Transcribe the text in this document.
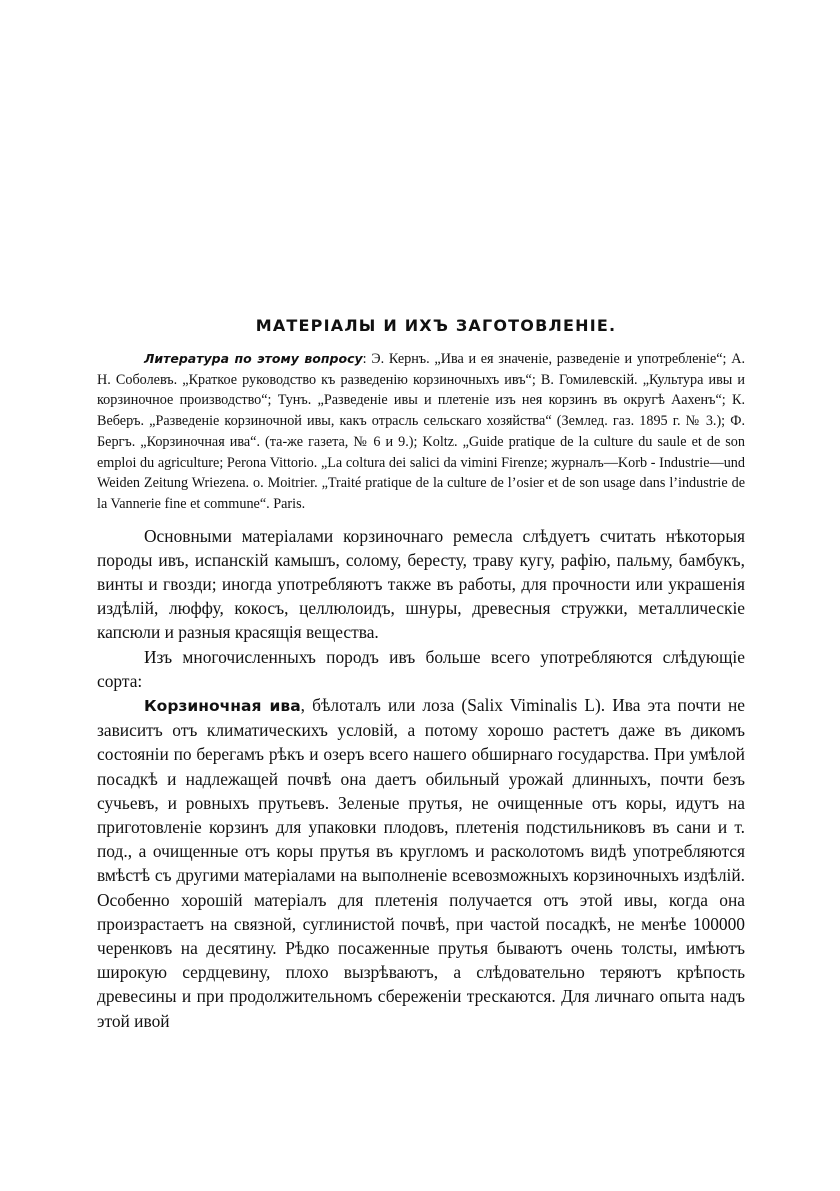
МАТЕРІАЛЫ И ИХЪ ЗАГОТОВЛЕНІЕ.

Литература по этому вопросу: Э. Кернъ. „Ива и ея значеніе, разведеніе и употребленіе“; А. Н. Соболевъ. „Краткое руководство къ разведенію корзиночныхъ ивъ“; В. Гомилевскій. „Культура ивы и корзиночное производство“; Тунъ. „Разведеніе ивы и плетеніе изъ нея корзинъ въ округѣ Аахенъ“; К. Веберъ. „Разведеніе корзиночной ивы, какъ отрасль сельскаго хозяйства“ (Землед. газ. 1895 г. № 3.); Ф. Бергъ. „Корзиночная ива“. (та-же газета, № 6 и 9.); Koltz. „Guide pratique de la culture du saule et de son emploi du agriculture; Perona Vittorio. „La coltura dei salici da vimini Firenze; журналъ—Korb - Industrie—und Weiden Zeitung Wriezena. o. Moitrier. „Traité pratique de la culture de l’osier et de son usage dans l’industrie de la Vannerie fine et commune“. Paris.

Основными матеріалами корзиночнаго ремесла слѣдуетъ считать нѣкоторыя породы ивъ, испанскій камышъ, солому, бересту, траву кугу, рафію, пальму, бамбукъ, винты и гвозди; иногда употребляютъ также въ работы, для прочности или украшенія издѣлій, люффу, кокосъ, целлюлоидъ, шнуры, древесныя стружки, металлическіе капсюли и разныя красящія вещества.

Изъ многочисленныхъ породъ ивъ больше всего употребляются слѣдующіе сорта:

Корзиночная ива, бѣлоталъ или лоза (Salix Viminalis L). Ива эта почти не зависитъ отъ климатическихъ условій, а потому хорошо растетъ даже въ дикомъ состояніи по берегамъ рѣкъ и озеръ всего нашего обширнаго государства. При умѣлой посадкѣ и надлежащей почвѣ она даетъ обильный урожай длинныхъ, почти безъ сучьевъ, и ровныхъ прутьевъ. Зеленые прутья, не очищенные отъ коры, идутъ на приготовленіе корзинъ для упаковки плодовъ, плетенія подстильниковъ въ сани и т. под., а очищенные отъ коры прутья въ кругломъ и расколотомъ видѣ употребляются вмѣстѣ съ другими матеріалами на выполненіе всевозможныхъ корзиночныхъ издѣлій. Особенно хорошій матеріалъ для плетенія получается отъ этой ивы, когда она произрастаетъ на связной, суглинистой почвѣ, при частой посадкѣ, не менѣе 100000 черенковъ на десятину. Рѣдко посаженные прутья бываютъ очень толсты, имѣютъ широкую сердцевину, плохо вызрѣваютъ, а слѣдовательно теряютъ крѣпость древесины и при продолжительномъ сбереженіи трескаются. Для личнаго опыта надъ этой ивой
